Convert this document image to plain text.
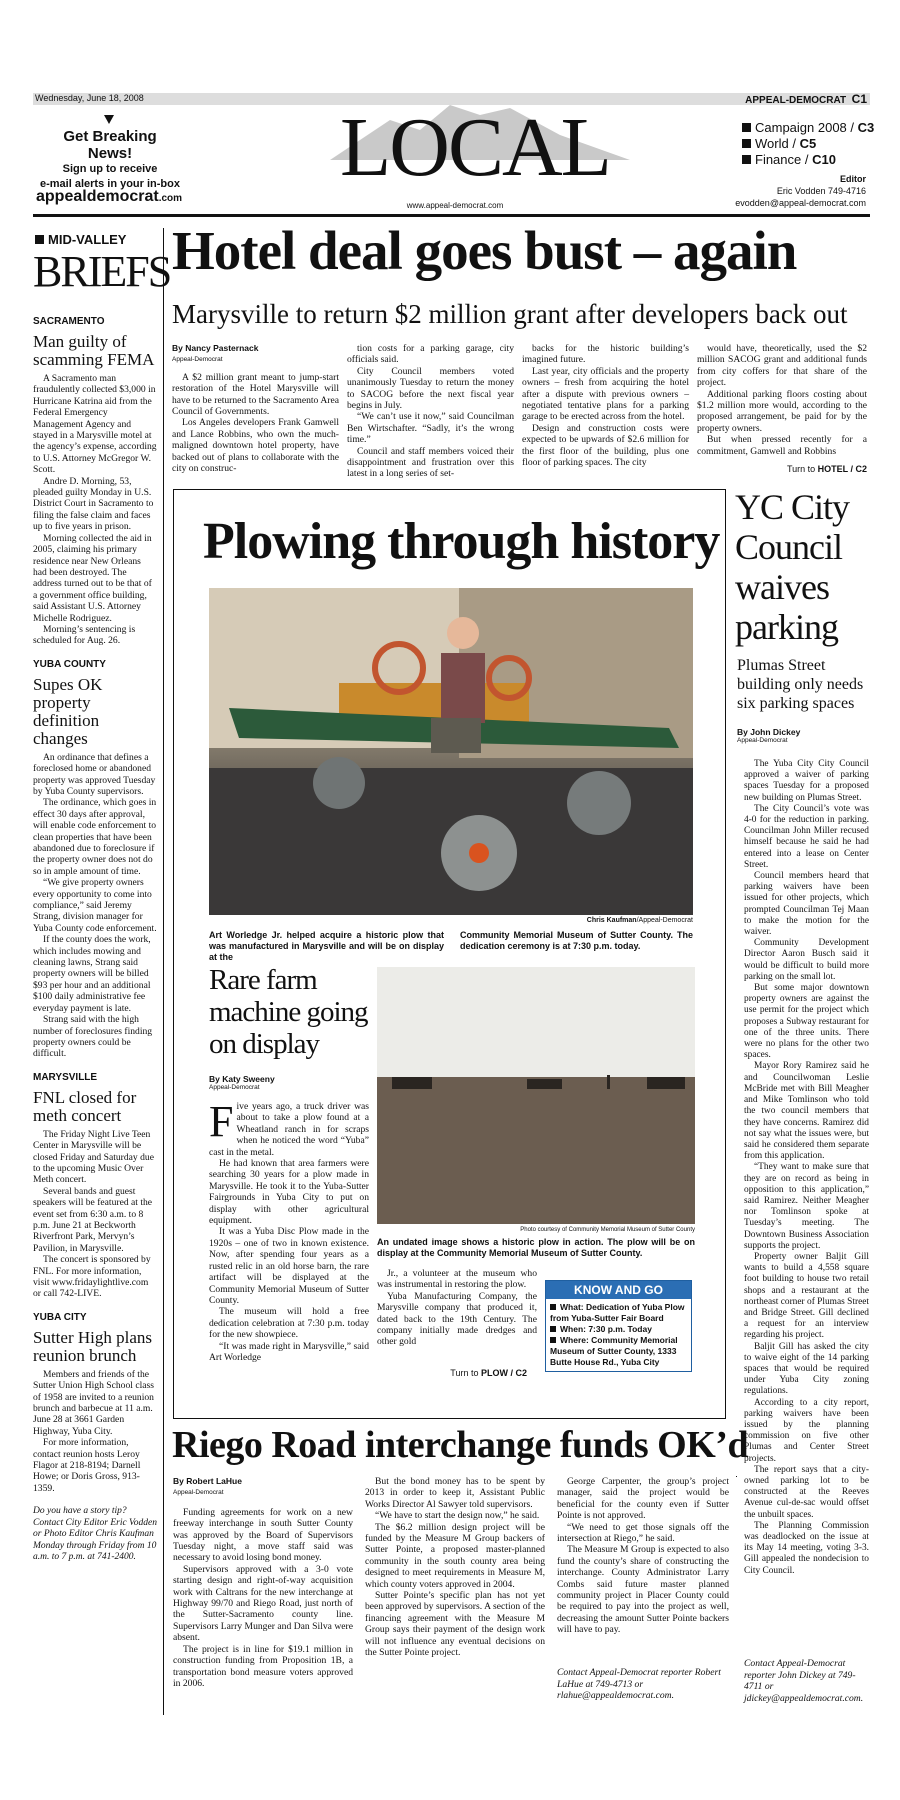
Wednesday, June 18, 2008	APPEAL-DEMOCRAT C1
Get Breaking News!
Sign up to receive
e-mail alerts in your in-box
appealdemocrat.com
LOCAL
www.appeal-democrat.com
Campaign 2008 / C3
World / C5
Finance / C10
Editor
Eric Vodden 749-4716
evodden@appeal-democrat.com
MID-VALLEY
BRIEFS
SACRAMENTO
Man guilty of scamming FEMA
A Sacramento man fraudulently collected $3,000 in Hurricane Katrina aid from the Federal Emergency Management Agency and stayed in a Marysville motel at the agency’s expense, according to U.S. Attorney McGregor W. Scott.
Andre D. Morning, 53, pleaded guilty Monday in U.S. District Court in Sacramento to filing the false claim and faces up to five years in prison.
Morning collected the aid in 2005, claiming his primary residence near New Orleans had been destroyed. The address turned out to be that of a government office building, said Assistant U.S. Attorney Michelle Rodriguez.
Morning’s sentencing is scheduled for Aug. 26.
YUBA COUNTY
Supes OK property definition changes
An ordinance that defines a foreclosed home or abandoned property was approved Tuesday by Yuba County supervisors.
The ordinance, which goes in effect 30 days after approval, will enable code enforcement to clean properties that have been abandoned due to foreclosure if the property owner does not do so in ample amount of time.
“We give property owners every opportunity to come into compliance,” said Jeremy Strang, division manager for Yuba County code enforcement.
If the county does the work, which includes mowing and cleaning lawns, Strang said property owners will be billed $93 per hour and an additional $100 daily administrative fee everyday payment is late.
Strang said with the high number of foreclosures finding property owners could be difficult.
MARYSVILLE
FNL closed for meth concert
The Friday Night Live Teen Center in Marysville will be closed Friday and Saturday due to the upcoming Music Over Meth concert.
Several bands and guest speakers will be featured at the event set from 6:30 a.m. to 8 p.m. June 21 at Beckworth Riverfront Park, Mervyn’s Pavilion, in Marysville.
The concert is sponsored by FNL. For more information, visit www.fridaylightlive.com or call 742-LIVE.
YUBA CITY
Sutter High plans reunion brunch
Members and friends of the Sutter Union High School class of 1958 are invited to a reunion brunch and barbecue at 11 a.m. June 28 at 3661 Garden Highway, Yuba City.
For more information, contact reunion hosts Leroy Flagor at 218-8194; Darnell Howe; or Doris Gross, 913-1359.
Do you have a story tip? Contact City Editor Eric Vodden or Photo Editor Chris Kaufman Monday through Friday from 10 a.m. to 7 p.m. at 741-2400.
Hotel deal goes bust – again
Marysville to return $2 million grant after developers back out
By Nancy Pasternack
Appeal-Democrat

A $2 million grant meant to jump-start restoration of the Hotel Marysville will have to be returned to the Sacramento Area Council of Governments.

Los Angeles developers Frank Gamwell and Lance Robbins, who own the much-maligned downtown hotel property, have backed out of plans to collaborate with the city on construc-

tion costs for a parking garage, city officials said.

City Council members voted unanimously Tuesday to return the money to SACOG before the next fiscal year begins in July.

“We can’t use it now,” said Councilman Ben Wirtschafter. “Sadly, it’s the wrong time.”

Council and staff members voiced their disappointment and frustration over this latest in a long series of set-

backs for the historic building’s imagined future.

Last year, city officials and the property owners – fresh from acquiring the hotel after a dispute with previous owners – negotiated tentative plans for a parking garage to be erected across from the hotel.

Design and construction costs were expected to be upwards of $2.6 million for the first floor of the building, plus one floor of parking spaces. The city

would have, theoretically, used the $2 million SACOG grant and additional funds from city coffers for that share of the project.

Additional parking floors costing about $1.2 million more would, according to the proposed arrangement, be paid for by the property owners.

But when pressed recently for a commitment, Gamwell and Robbins

Turn to HOTEL / C2
Plowing through history
Chris Kaufman/Appeal-Democrat
Art Worledge Jr. helped acquire a historic plow that was manufactured in Marysville and will be on display at the
Community Memorial Museum of Sutter County. The dedication ceremony is at 7:30 p.m. today.
Rare farm machine going on display
By Katy Sweeny
Appeal-Democrat
Five years ago, a truck driver was about to take a plow found at a Wheatland ranch in for scraps when he noticed the word “Yuba” cast in the metal.

He had known that area farmers were searching 30 years for a plow made in Marysville. He took it to the Yuba-Sutter Fairgrounds in Yuba City to put on display with other agricultural equipment.

It was a Yuba Disc Plow made in the 1920s – one of two in known existence. Now, after spending four years as a rusted relic in an old horse barn, the rare artifact will be displayed at the Community Memorial Museum of Sutter County.

The museum will hold a free dedication celebration at 7:30 p.m. today for the new showpiece.

“It was made right in Marysville,” said Art Worledge

Photo courtesy of Community Memorial Museum of Sutter County
An undated image shows a historic plow in action. The plow will be on display at the Community Memorial Museum of Sutter County.

Jr., a volunteer at the museum who was instrumental in restoring the plow.

Yuba Manufacturing Company, the Marysville company that produced it, dated back to the 19th Century. The company initially made dredges and other gold

KNOW AND GO
What: Dedication of Yuba Plow from Yuba-Sutter Fair Board
When: 7:30 p.m. Today
Where: Community Memorial Museum of Sutter County, 1333 Butte House Rd., Yuba City
Turn to PLOW / C2
YC City Council waives parking
Plumas Street building only needs six parking spaces
By John Dickey
Appeal-Democrat

The Yuba City City Council approved a waiver of parking spaces Tuesday for a proposed new building on Plumas Street.

The City Council’s vote was 4-0 for the reduction in parking. Councilman John Miller recused himself because he said he had entered into a lease on Center Street.

Council members heard that parking waivers have been issued for other projects, which prompted Councilman Tej Maan to make the motion for the waiver.

Community Development Director Aaron Busch said it would be difficult to build more parking on the small lot.

But some major downtown property owners are against the use permit for the project which proposes a Subway restaurant for one of the three units. There were no plans for the other two spaces.

Mayor Rory Ramirez said he and Councilwoman Leslie McBride met with Bill Meagher and Mike Tomlinson who told the two council members that they have concerns. Ramirez did not say what the issues were, but said he considered them separate from this application.

“They want to make sure that they are on record as being in opposition to this application,” said Ramirez. Neither Meagher nor Tomlinson spoke at Tuesday’s meeting. The Downtown Business Association supports the project.

Property owner Baljit Gill wants to build a 4,558 square foot building to house two retail shops and a restaurant at the northeast corner of Plumas Street and Bridge Street. Gill declined a request for an interview regarding his project.

Baljit Gill has asked the city to waive eight of the 14 parking spaces that would be required under Yuba City zoning regulations.

According to a city report, parking waivers have been issued by the planning commission on five other Plumas and Center Street projects.

The report says that a city-owned parking lot to be constructed at the Reeves Avenue cul-de-sac would offset the unbuilt spaces.

The Planning Commission was deadlocked on the issue at its May 14 meeting, voting 3-3. Gill appealed the nondecision to City Council.

Contact Appeal-Democrat reporter John Dickey at 749-4711 or jdickey@appealdemocrat.com.
Riego Road interchange funds OK’d
By Robert LaHue
Appeal-Democrat

Funding agreements for work on a new freeway interchange in south Sutter County was approved by the Board of Supervisors Tuesday night, a move staff said was necessary to avoid losing bond money.

Supervisors approved with a 3-0 vote starting design and right-of-way acquisition work with Caltrans for the new interchange at Highway 99/70 and Riego Road, just north of the Sutter-Sacramento county line. Supervisors Larry Munger and Dan Silva were absent.

The project is in line for $19.1 million in construction funding from Proposition 1B, a transportation bond measure voters approved in 2006.

But the bond money has to be spent by 2013 in order to keep it, Assistant Public Works Director Al Sawyer told supervisors.

“We have to start the design now,” he said.

The $6.2 million design project will be funded by the Measure M Group backers of Sutter Pointe, a proposed master-planned community in the south county area being designed to meet requirements in Measure M, which county voters approved in 2004.

Sutter Pointe’s specific plan has not yet been approved by supervisors. A section of the financing agreement with the Measure M Group says their payment of the design work will not influence any eventual decisions on the Sutter Pointe project.

George Carpenter, the group’s project manager, said the project would be beneficial for the county even if Sutter Pointe is not approved.

“We need to get those signals off the intersection at Riego,” he said.

The Measure M Group is expected to also fund the county’s share of constructing the interchange. County Administrator Larry Combs said future master planned community project in Placer County could be required to pay into the project as well, decreasing the amount Sutter Pointe backers will have to pay.

Contact Appeal-Democrat reporter Robert LaHue at 749-4713 or rlahue@appealdemocrat.com.
